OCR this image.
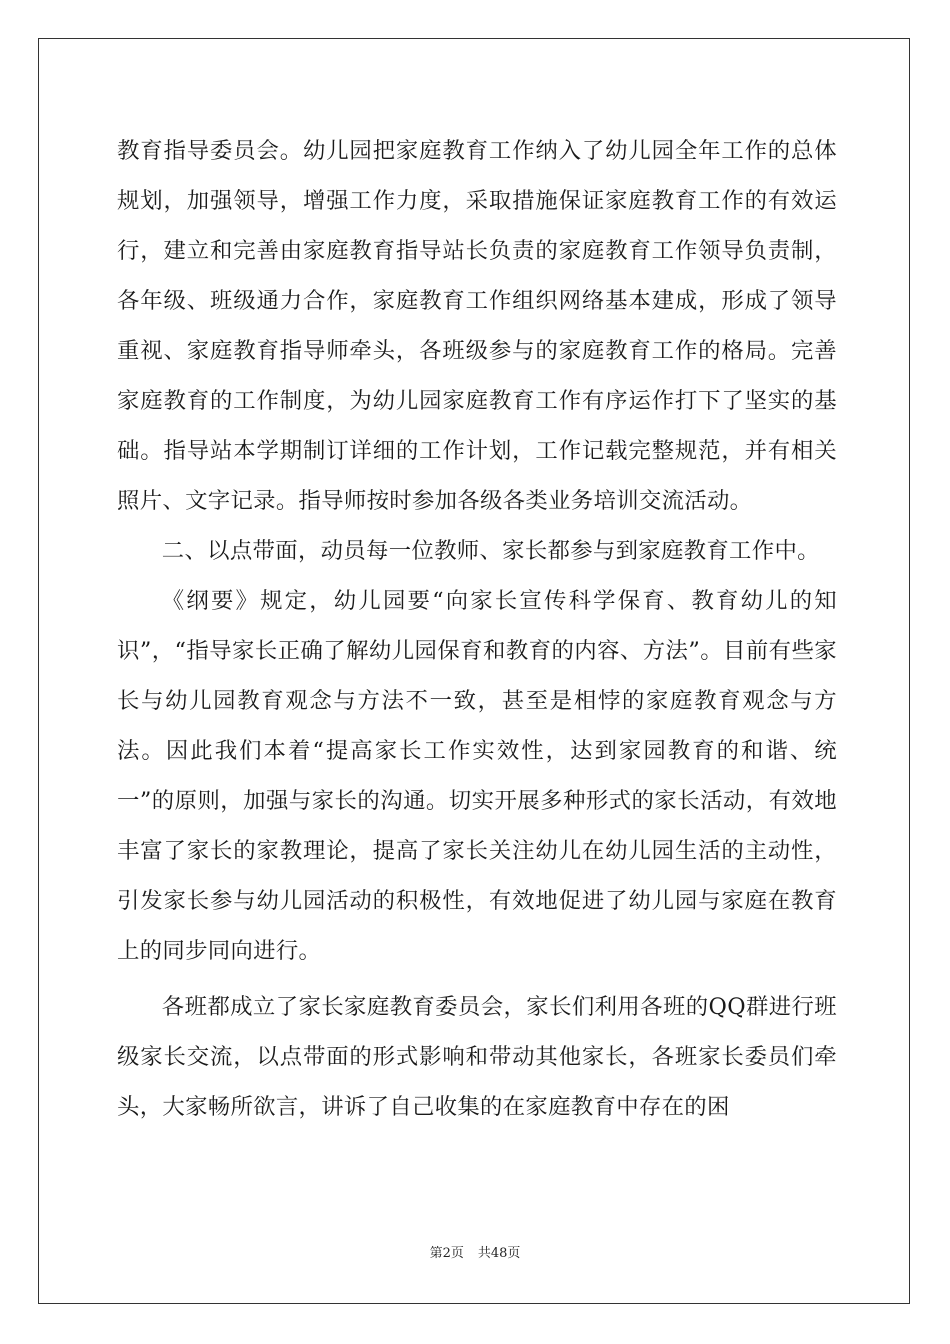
教育指导委员会。幼儿园把家庭教育工作纳入了幼儿园全年工作的总体规划，加强领导，增强工作力度，采取措施保证家庭教育工作的有效运行，建立和完善由家庭教育指导站长负责的家庭教育工作领导负责制，各年级、班级通力合作，家庭教育工作组织网络基本建成，形成了领导重视、家庭教育指导师牵头，各班级参与的家庭教育工作的格局。完善家庭教育的工作制度，为幼儿园家庭教育工作有序运作打下了坚实的基础。指导站本学期制订详细的工作计划，工作记载完整规范，并有相关照片、文字记录。指导师按时参加各级各类业务培训交流活动。

二、以点带面，动员每一位教师、家长都参与到家庭教育工作中。

《纲要》规定，幼儿园要“向家长宣传科学保育、教育幼儿的知识”，“指导家长正确了解幼儿园保育和教育的内容、方法”。目前有些家长与幼儿园教育观念与方法不一致，甚至是相悖的家庭教育观念与方法。因此我们本着“提高家长工作实效性，达到家园教育的和谐、统一”的原则，加强与家长的沟通。切实开展多种形式的家长活动，有效地丰富了家长的家教理论，提高了家长关注幼儿在幼儿园生活的主动性，引发家长参与幼儿园活动的积极性，有效地促进了幼儿园与家庭在教育上的同步同向进行。

各班都成立了家长家庭教育委员会，家长们利用各班的QQ群进行班级家长交流，以点带面的形式影响和带动其他家长，各班家长委员们牵头，大家畅所欲言，讲诉了自己收集的在家庭教育中存在的困

第2页 共48页
